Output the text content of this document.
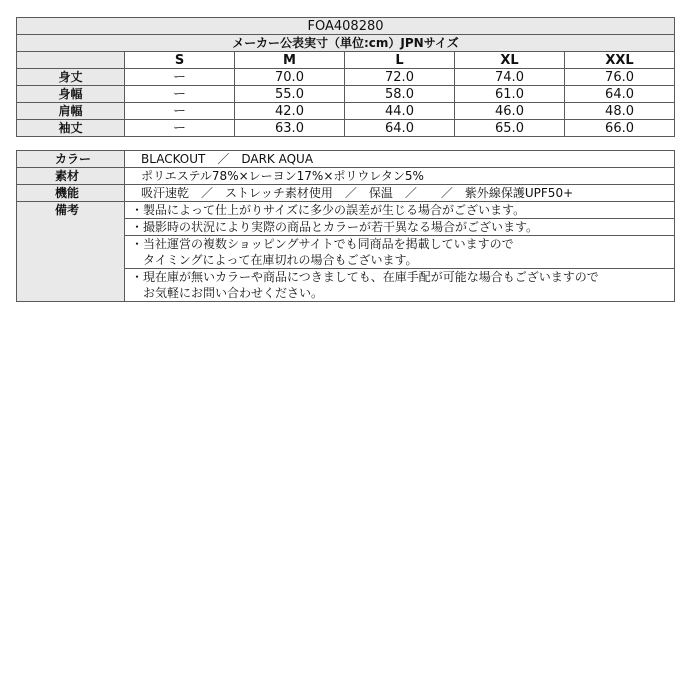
FOA408280					
メーカー公表実寸（単位:cm）JPNサイズ					
	S	M	L	XL	XXL
身丈	ー	70.0	72.0	74.0	76.0
身幅	ー	55.0	58.0	61.0	64.0
肩幅	ー	42.0	44.0	46.0	48.0
袖丈	ー	63.0	64.0	65.0	66.0
カラー	BLACKOUT　／　DARK AQUA
素材	ポリエステル78%×レーヨン17%×ポリウレタン5%
機能	吸汗速乾　／　ストレッチ素材使用　／　保温　／　　／　紫外線保護UPF50+
備考	・製品によって仕上がりサイズに多少の誤差が生じる場合がございます。

	・撮影時の状況により実際の商品とカラーが若干異なる場合がございます。

	・当社運営の複数ショッピングサイトでも同商品を掲載していますので
　タイミングによって在庫切れの場合もございます。

	・現在庫が無いカラーや商品につきましても、在庫手配が可能な場合もございますので
　お気軽にお問い合わせください。
